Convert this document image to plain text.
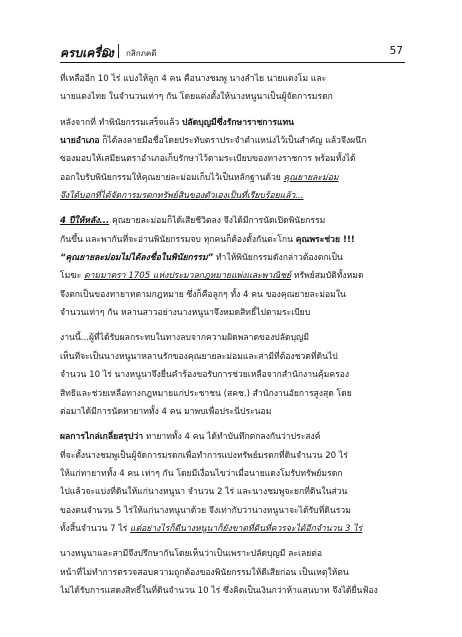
ครบเครื่อง กสิกภคดี	57
ที่เหลืออีก 10 ไร่ แบ่งให้ลูก 4 คน คือนางชมพู นางลำไย นายแตงโม และ
นายแตงไทย ในจำนวนเท่าๆ กัน โดยแต่งตั้งให้นางหนูนาเป็นผู้จัดการมรดก
หลังจากที่ ทำพินัยกรรมเสร็จแล้ว ปลัดบุญมีซึ่งรักษาราชการแทน
นายอำเภอ ก็ได้ลงลายมือชื่อโดยประทับตราประจำตำแหน่งไว้เป็นสำคัญ แล้วจึงผนึก
ซองมอบให้เสมียนตราอำเภอเก็บรักษาไว้ตามระเบียบของทางราชการ พร้อมทั้งได้
ออกใบรับพินัยกรรมให้คุณยายละม่อมเก็บไว้เป็นหลักฐานด้วย คุณยายละม่อม
จึงได้บอกที่ได้จัดการมรดกทรัพย์สินของตัวเองเป็นที่เรียบร้อยแล้ว...
4 ปีให้หลัง... คุณยายละม่อมก็ได้เสียชีวิตลง จึงได้มีการนัดเปิดพินัยกรรม
กันขึ้น และพากันที่จะอ่านพินัยกรรมจบ ทุกคนก็ต้องตั้งกันตะโกน คุณพระช่วย !!!
“คุณยายละม่อมไม่ได้ลงชื่อในพินัยกรรม” ทำให้พินัยกรรมดังกล่าวต้องตกเป็น
โมฆะ ตามมาตรา 1705 แห่งประมวลกฎหมายแพ่งและพาณิชย์ ทรัพย์สมบัติทั้งหมด
จึงตกเป็นของทายาทตามกฎหมาย ซึ่งก็คือลูกๆ ทั้ง 4 คน ของคุณยายละม่อมใน
จำนวนเท่าๆ กัน หลานสาวอย่างนางหนูนาจึงหมดสิทธิ์ไปตามระเบียบ
งานนี้...ผู้ที่ได้รับผลกระทบในทางลบจากความผิดพลาดของปลัดบุญมี
เห็นทีจะเป็นนางหนูนาหลานรักของคุณยายละม่อมและสามีที่ต้องชวดที่ดินไป
จำนวน 10 ไร่ นางหนูนาจึงยื่นคำร้องขอรับการช่วยเหลือจากสำนักงานคุ้มครอง
สิทธิและช่วยเหลือทางกฎหมายแก่ประชาชน (สคช.) สำนักงานอัยการสูงสุด โดย
ต่อมาได้มีการนัดทายาททั้ง 4 คน มาพบเพื่อประนีประนอม
ผลการไกล่เกลี่ยสรุปว่า ทายาททั้ง 4 คน ได้ทำบันทึกตกลงกันว่าประสงค์
ที่จะตั้งนางชมพูเป็นผู้จัดการมรดกเพื่อทำการแบ่งทรัพย์มรดกที่ดินจำนวน 20 ไร่
ให้แก่ทายาททั้ง 4 คน เท่าๆ กัน โดยมีเงื่อนไขว่าเมื่อนายแดงโมรับทรัพย์มรดก
ไปแล้วจะแบ่งที่ดินให้แก่นางหนูนา จำนวน 2 ไร่ และนางชมพูจะยกที่ดินในส่วน
ของตนจำนวน 5 ไร่ให้แก่นางหนูนาด้วย จึงเท่ากับว่านางหนูนาจะได้รับที่ดินรวม
ทั้งสิ้นจำนวน 7 ไร่ แต่อย่างไรก็ดีนางหนูนาก็ยังขาดที่ดินที่ควรจะได้อีกจำนวน 3 ไร่
นางหนูนาและสามีจึงปรึกษากันโดยเห็นว่าเป็นเพราะปลัดบุญมี ละเลยต่อ
หน้าที่ไม่ทำการตรวจสอบความถูกต้องของพินัยกรรมให้ดีเสียก่อน เป็นเหตุให้ตน
ไม่ได้รับการแสดงสิทธิ์ในที่ดินจำนวน 10 ไร่ ซึ่งคิดเป็นเงินกว่าห้าแสนบาท จึงได้ยื่นฟ้อง
